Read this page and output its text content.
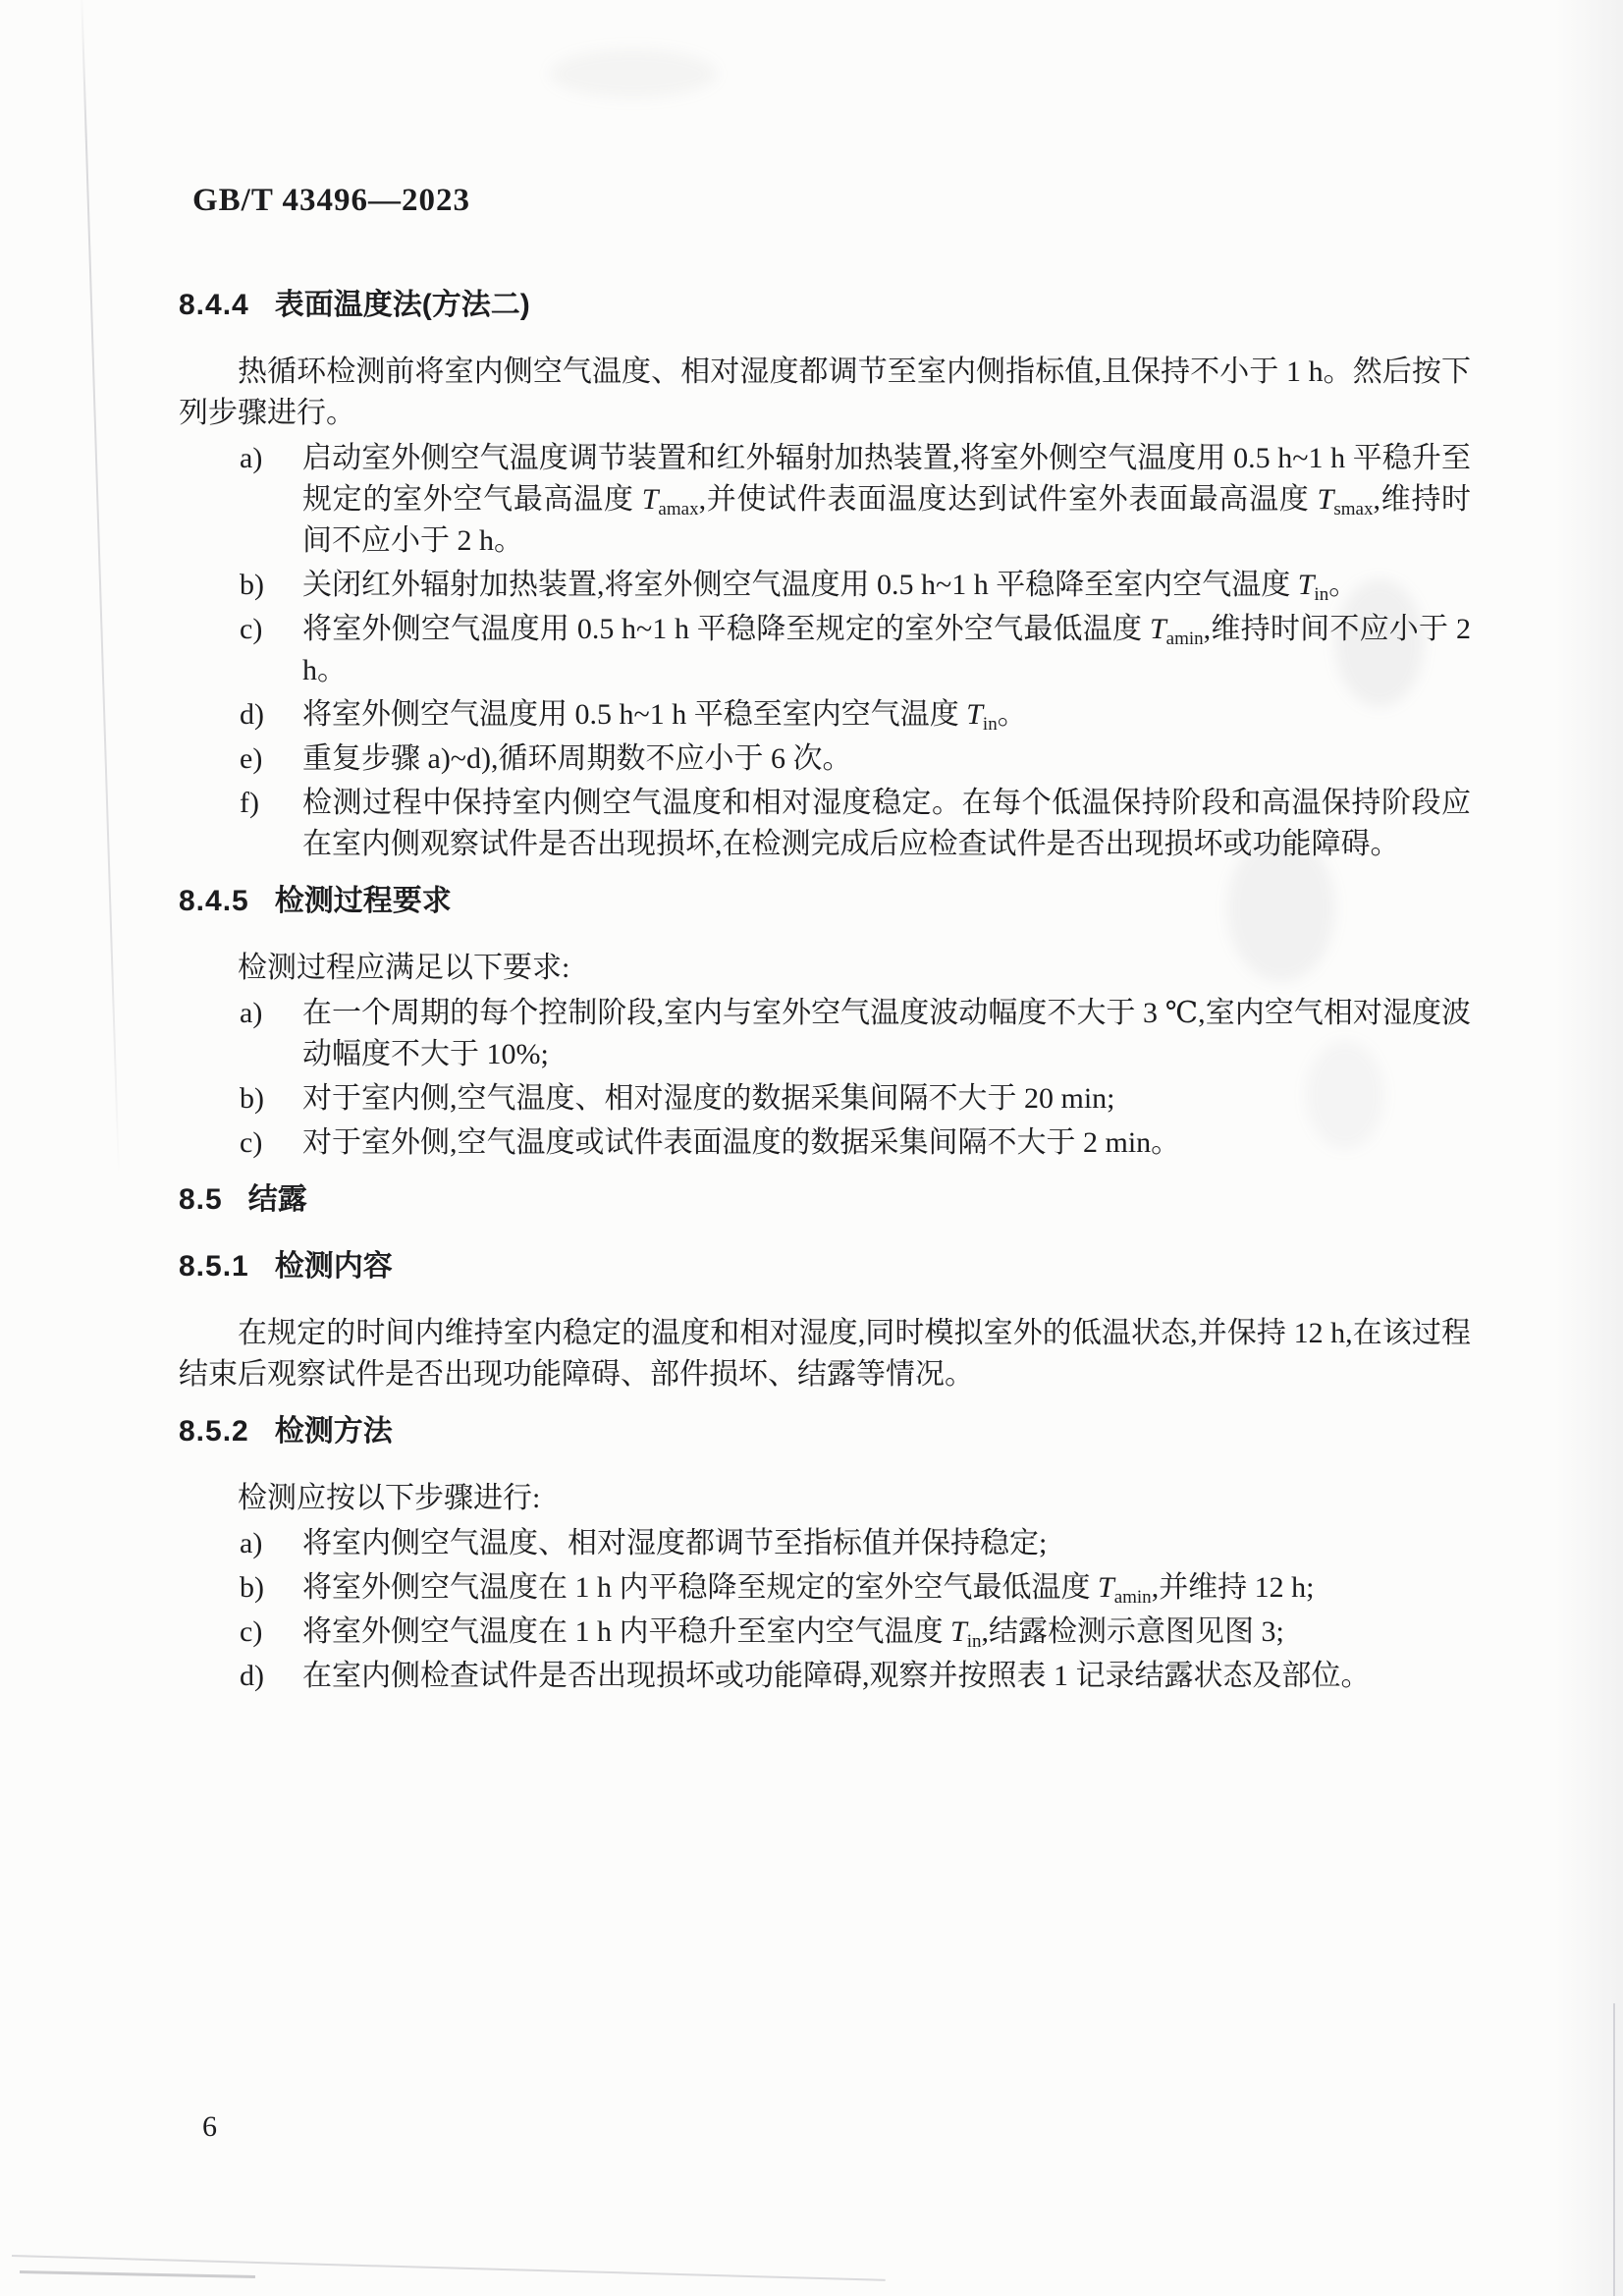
GB/T 43496—2023
8.4.4 表面温度法(方法二)

热循环检测前将室内侧空气温度、相对湿度都调节至室内侧指标值,且保持不小于 1 h。然后按下列步骤进行。

a) 启动室外侧空气温度调节装置和红外辐射加热装置,将室外侧空气温度用 0.5 h~1 h 平稳升至规定的室外空气最高温度 $T_{amax}$,并使试件表面温度达到试件室外表面最高温度 $T_{smax}$,维持时间不应小于 2 h。
b) 关闭红外辐射加热装置,将室外侧空气温度用 0.5 h~1 h 平稳降至室内空气温度 $T_{in}$。
c) 将室外侧空气温度用 0.5 h~1 h 平稳降至规定的室外空气最低温度 $T_{amin}$,维持时间不应小于 2 h。
d) 将室外侧空气温度用 0.5 h~1 h 平稳至室内空气温度 $T_{in}$。
e) 重复步骤 a)~d),循环周期数不应小于 6 次。
f) 检测过程中保持室内侧空气温度和相对湿度稳定。在每个低温保持阶段和高温保持阶段应在室内侧观察试件是否出现损坏,在检测完成后应检查试件是否出现损坏或功能障碍。
8.4.5 检测过程要求

检测过程应满足以下要求:

a) 在一个周期的每个控制阶段,室内与室外空气温度波动幅度不大于 3 ℃,室内空气相对湿度波动幅度不大于 10%;
b) 对于室内侧,空气温度、相对湿度的数据采集间隔不大于 20 min;
c) 对于室外侧,空气温度或试件表面温度的数据采集间隔不大于 2 min。
8.5 结露
8.5.1 检测内容

在规定的时间内维持室内稳定的温度和相对湿度,同时模拟室外的低温状态,并保持 12 h,在该过程结束后观察试件是否出现功能障碍、部件损坏、结露等情况。

8.5.2 检测方法

检测应按以下步骤进行:

a) 将室内侧空气温度、相对湿度都调节至指标值并保持稳定;
b) 将室外侧空气温度在 1 h 内平稳降至规定的室外空气最低温度 $T_{amin}$,并维持 12 h;
c) 将室外侧空气温度在 1 h 内平稳升至室内空气温度 $T_{in}$,结露检测示意图见图 3;
d) 在室内侧检查试件是否出现损坏或功能障碍,观察并按照表 1 记录结露状态及部位。
6
